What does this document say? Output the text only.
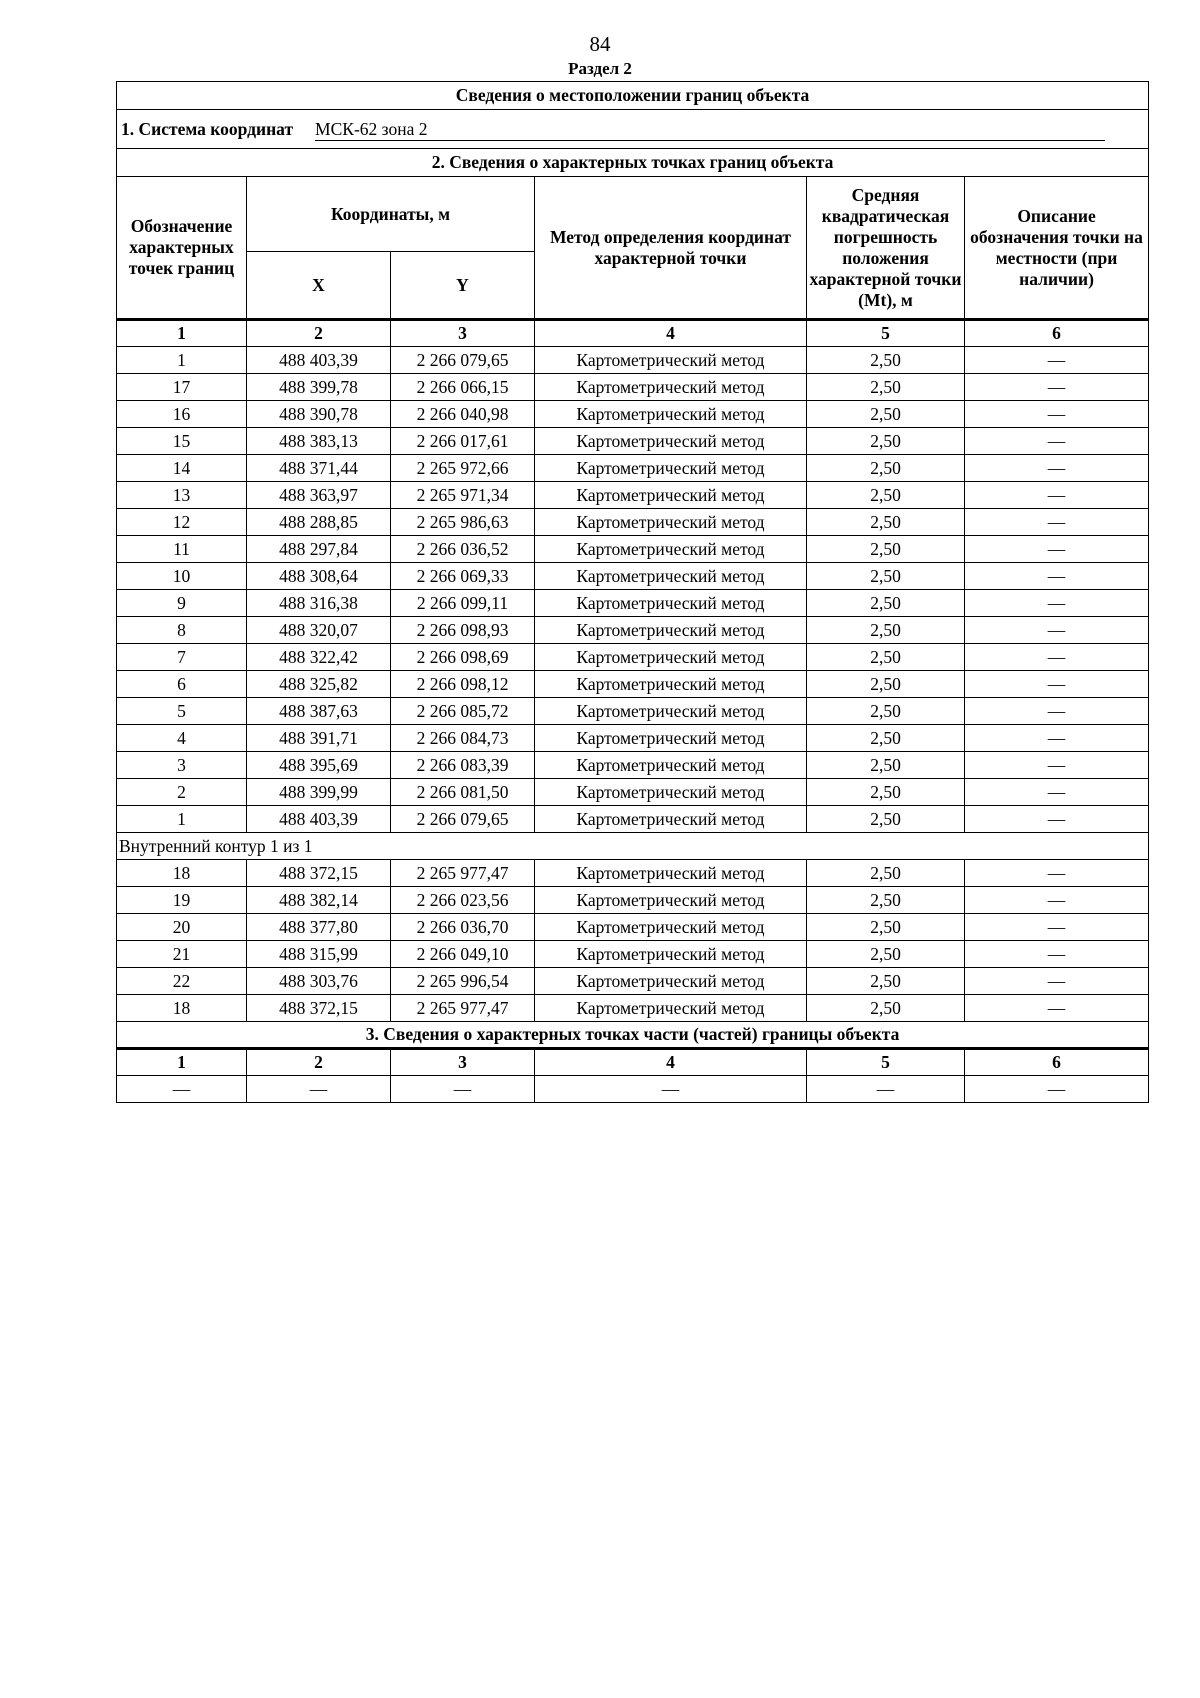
84
Раздел 2
Сведения о местоположении границ объекта					
1. Система координат МСК-62 зона 2					
2. Сведения о характерных точках границ объекта					
Обозначение характерных точек границ	Координаты, м		Метод определения координат характерной точки	Средняя квадратическая погрешность положения характерной точки (Mt), м	Описание обозначения точки на местности (при наличии)
	X	Y			
1	2	3	4	5	6
1	488 403,39	2 266 079,65	Картометрический метод	2,50	—
17	488 399,78	2 266 066,15	Картометрический метод	2,50	—
16	488 390,78	2 266 040,98	Картометрический метод	2,50	—
15	488 383,13	2 266 017,61	Картометрический метод	2,50	—
14	488 371,44	2 265 972,66	Картометрический метод	2,50	—
13	488 363,97	2 265 971,34	Картометрический метод	2,50	—
12	488 288,85	2 265 986,63	Картометрический метод	2,50	—
11	488 297,84	2 266 036,52	Картометрический метод	2,50	—
10	488 308,64	2 266 069,33	Картометрический метод	2,50	—
9	488 316,38	2 266 099,11	Картометрический метод	2,50	—
8	488 320,07	2 266 098,93	Картометрический метод	2,50	—
7	488 322,42	2 266 098,69	Картометрический метод	2,50	—
6	488 325,82	2 266 098,12	Картометрический метод	2,50	—
5	488 387,63	2 266 085,72	Картометрический метод	2,50	—
4	488 391,71	2 266 084,73	Картометрический метод	2,50	—
3	488 395,69	2 266 083,39	Картометрический метод	2,50	—
2	488 399,99	2 266 081,50	Картометрический метод	2,50	—
1	488 403,39	2 266 079,65	Картометрический метод	2,50	—
Внутренний контур 1 из 1					
18	488 372,15	2 265 977,47	Картометрический метод	2,50	—
19	488 382,14	2 266 023,56	Картометрический метод	2,50	—
20	488 377,80	2 266 036,70	Картометрический метод	2,50	—
21	488 315,99	2 266 049,10	Картометрический метод	2,50	—
22	488 303,76	2 265 996,54	Картометрический метод	2,50	—
18	488 372,15	2 265 977,47	Картометрический метод	2,50	—
3. Сведения о характерных точках части (частей) границы объекта					
1	2	3	4	5	6
—	—	—	—	—	—
